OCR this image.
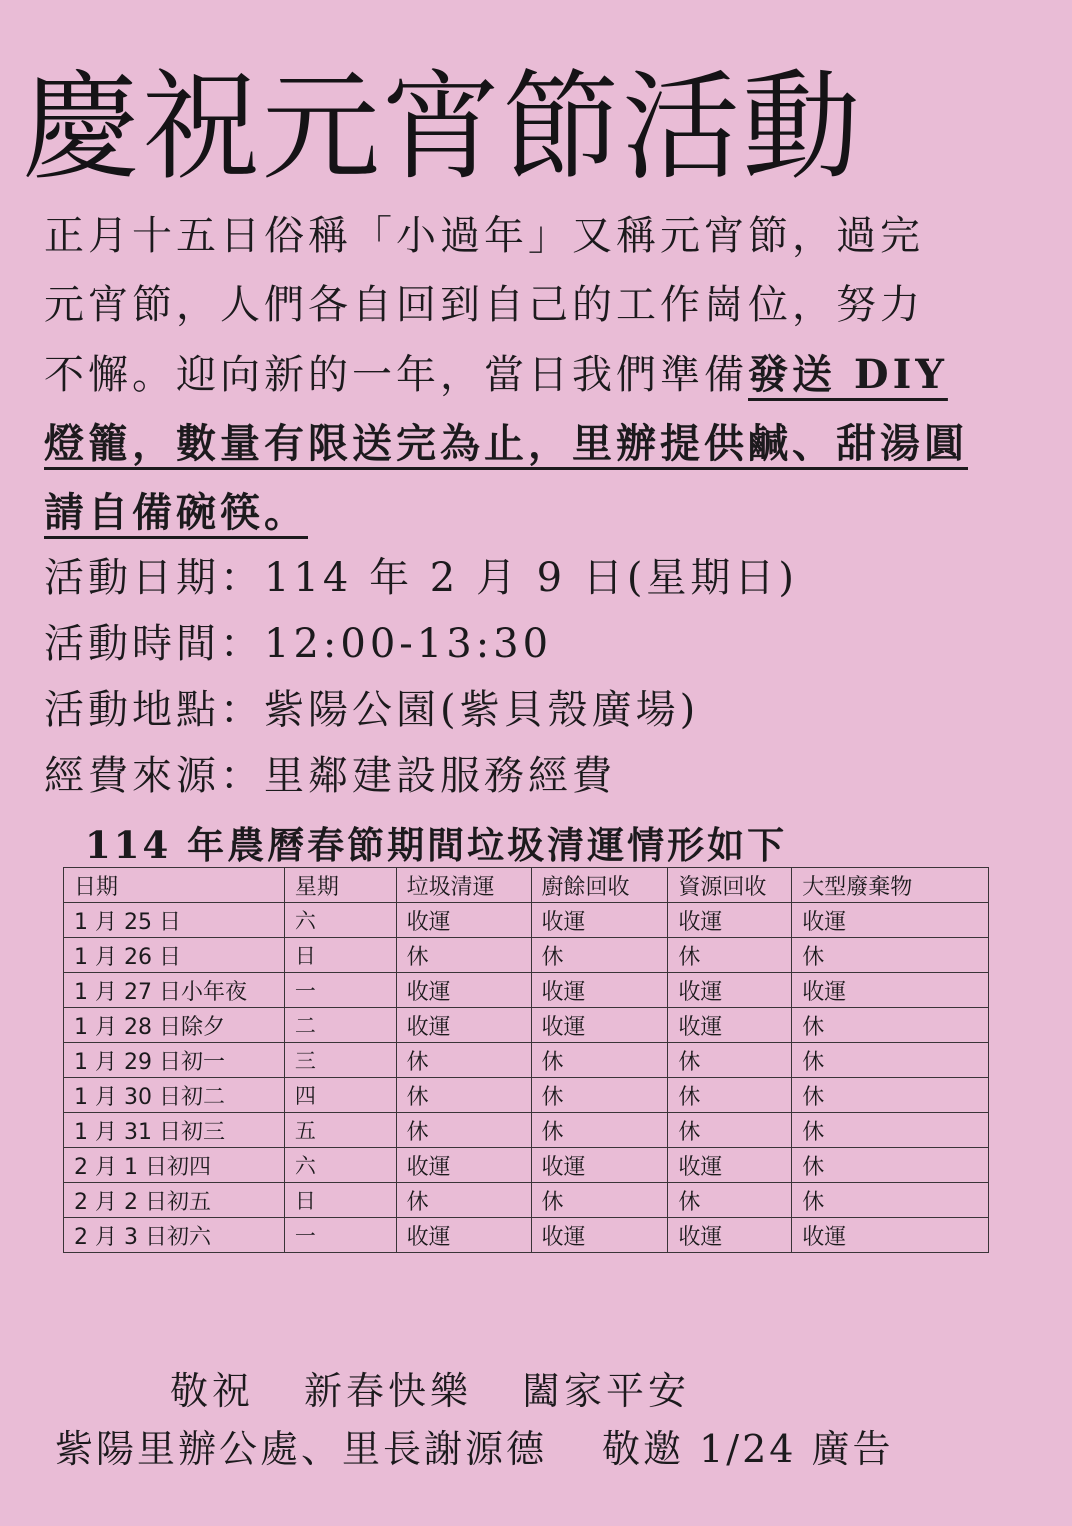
慶祝元宵節活動
正月十五日俗稱「小過年」又稱元宵節，過完
元宵節，人們各自回到自己的工作崗位，努力
不懈。迎向新的一年，當日我們準備發送 DIY
燈籠，數量有限送完為止，里辦提供鹹、甜湯圓
請自備碗筷。
活動日期：114 年 2 月 9 日(星期日)
活動時間：12:00-13:30
活動地點：紫陽公園(紫貝殼廣場)
經費來源：里鄰建設服務經費
114 年農曆春節期間垃圾清運情形如下
日期	星期	垃圾清運	廚餘回收	資源回收	大型廢棄物
1 月 25 日	六	收運	收運	收運	收運
1 月 26 日	日	休	休	休	休
1 月 27 日小年夜	一	收運	收運	收運	收運
1 月 28 日除夕	二	收運	收運	收運	休
1 月 29 日初一	三	休	休	休	休
1 月 30 日初二	四	休	休	休	休
1 月 31 日初三	五	休	休	休	休
2 月 1 日初四	六	收運	收運	收運	休
2 月 2 日初五	日	休	休	休	休
2 月 3 日初六	一	收運	收運	收運	收運
敬祝 新春快樂 闔家平安
紫陽里辦公處、里長謝源德 敬邀 1/24 廣告
